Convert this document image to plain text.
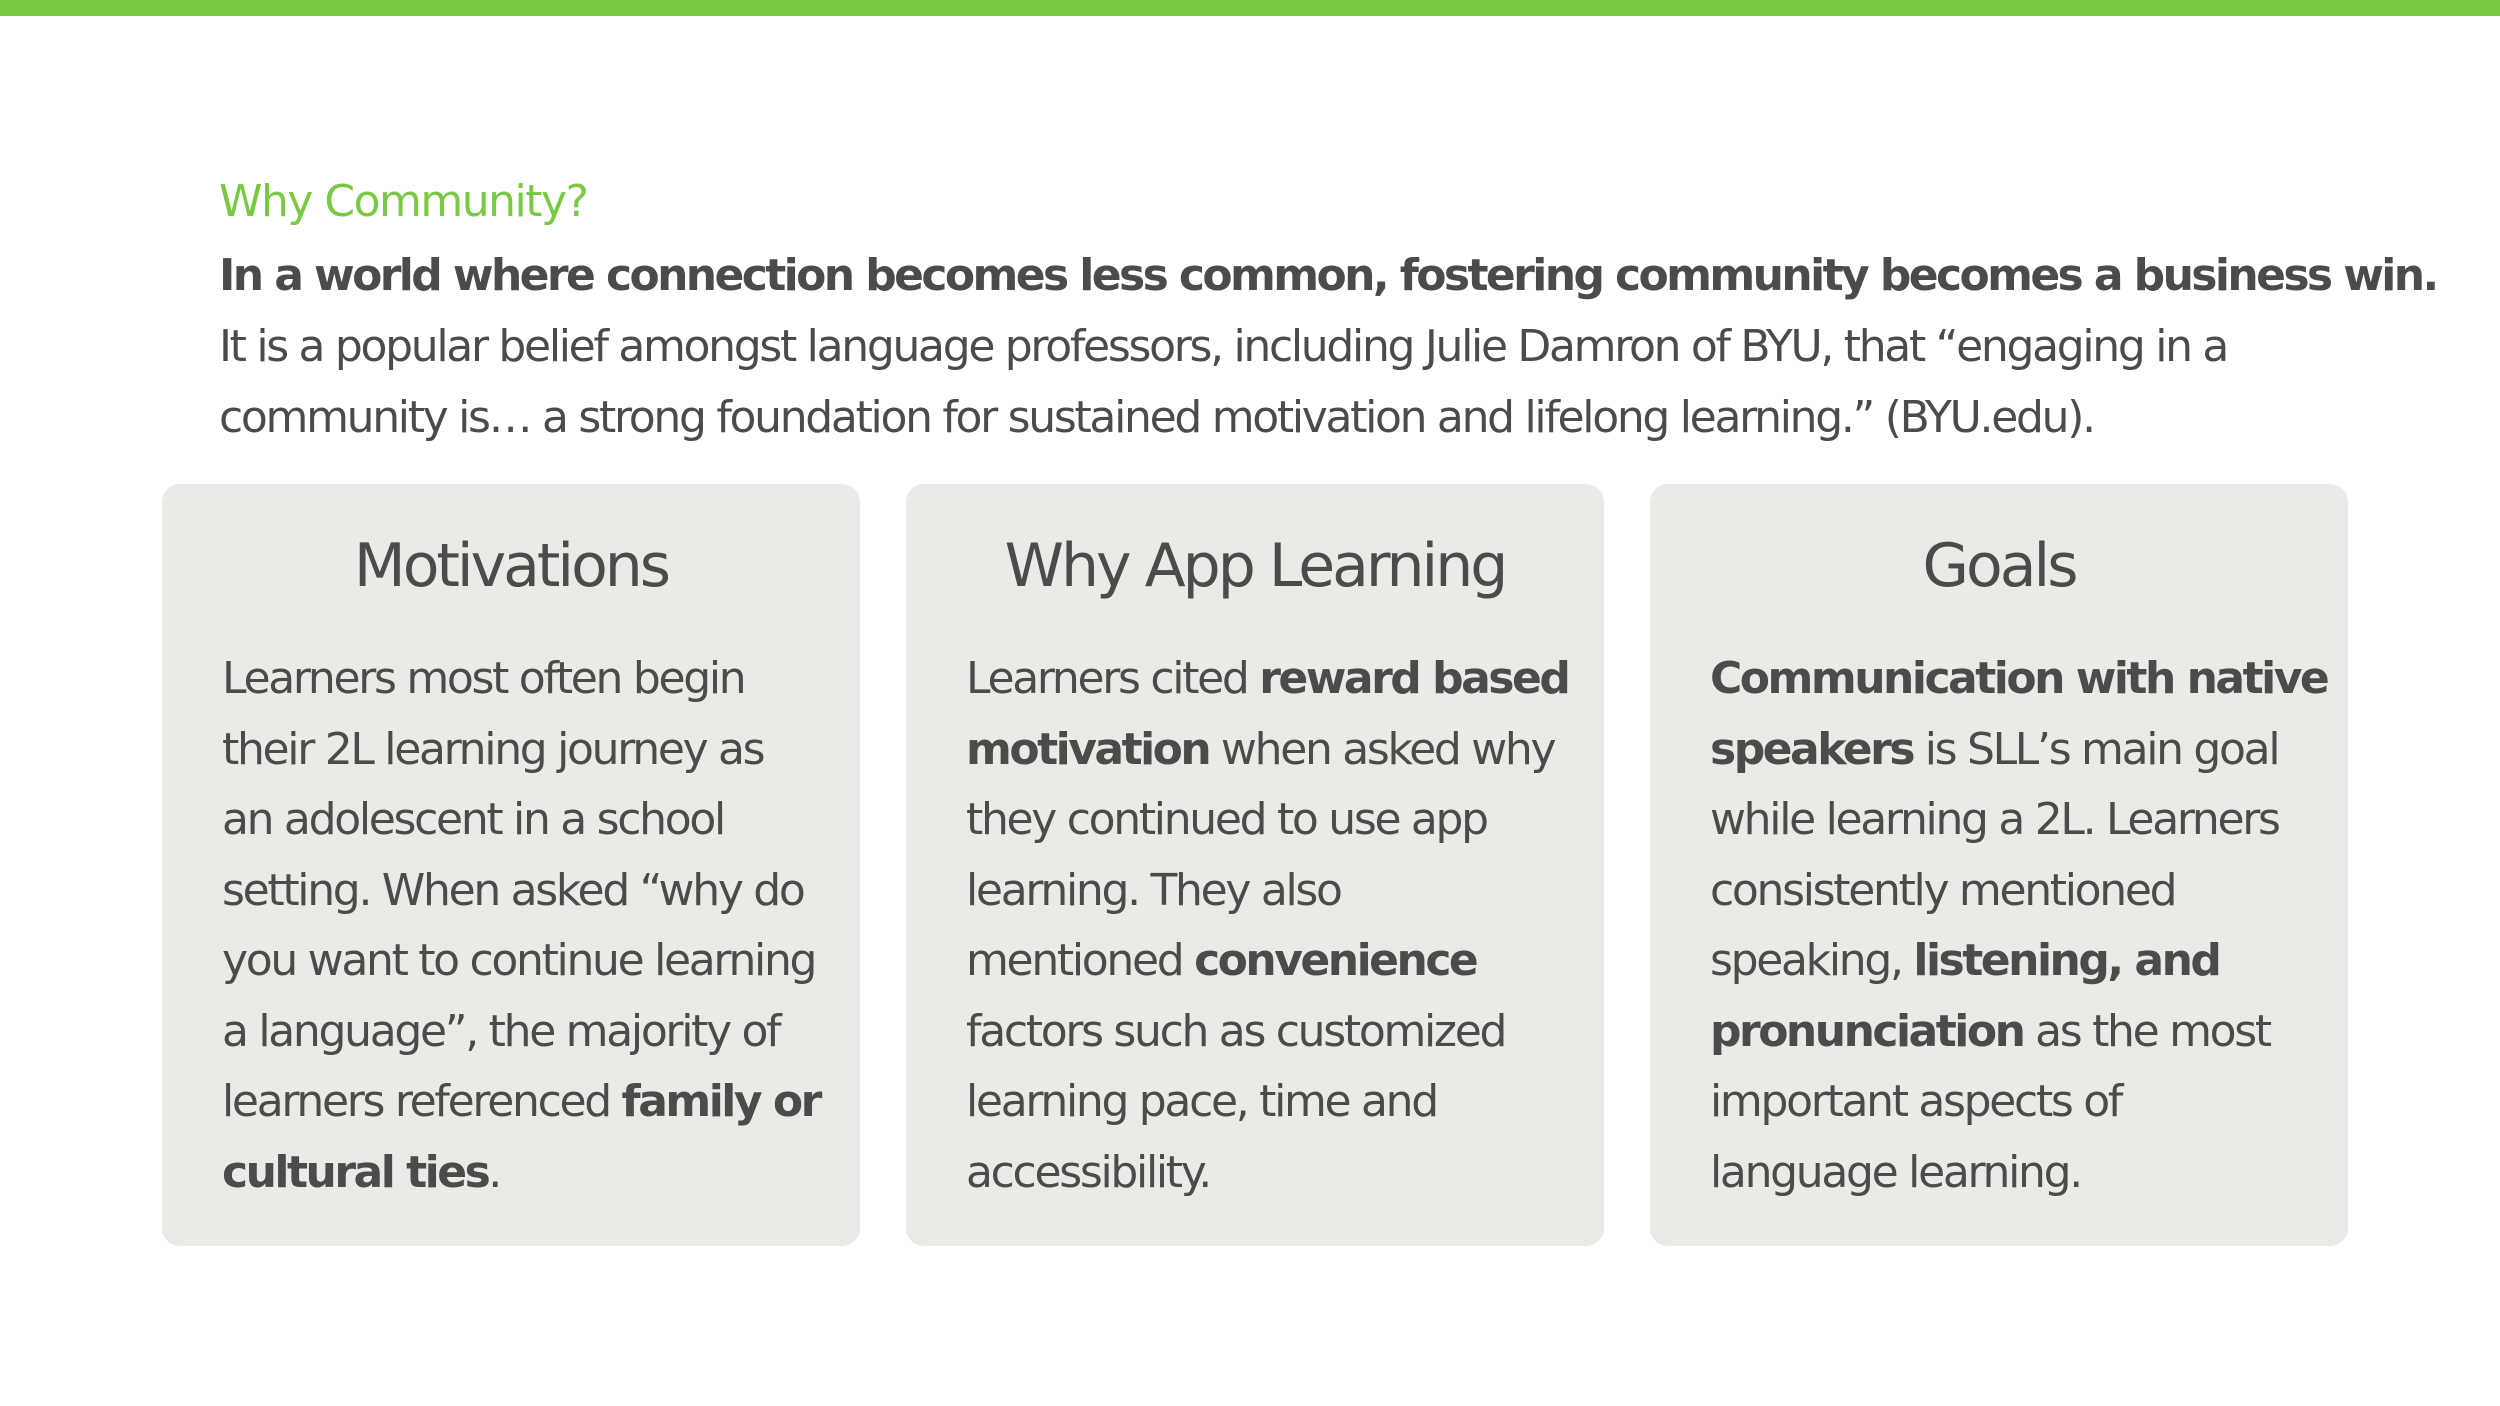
Why Community?
In a world where connection becomes less common, fostering community becomes a business win.
It is a popular belief amongst language professors, including Julie Damron of BYU, that “engaging in a
community is… a strong foundation for sustained motivation and lifelong learning.” (BYU.edu).
Motivations
Learners most often begin
their 2L learning journey as
an adolescent in a school
setting. When asked “why do
you want to continue learning
a language”, the majority of
learners referenced family or
cultural ties.
Why App Learning
Learners cited reward based
motivation when asked why
they continued to use app
learning. They also
mentioned convenience
factors such as customized
learning pace, time and
accessibility.
Goals
Communication with native
speakers is SLL’s main goal
while learning a 2L. Learners
consistently mentioned
speaking, listening, and
pronunciation as the most
important aspects of
language learning.
